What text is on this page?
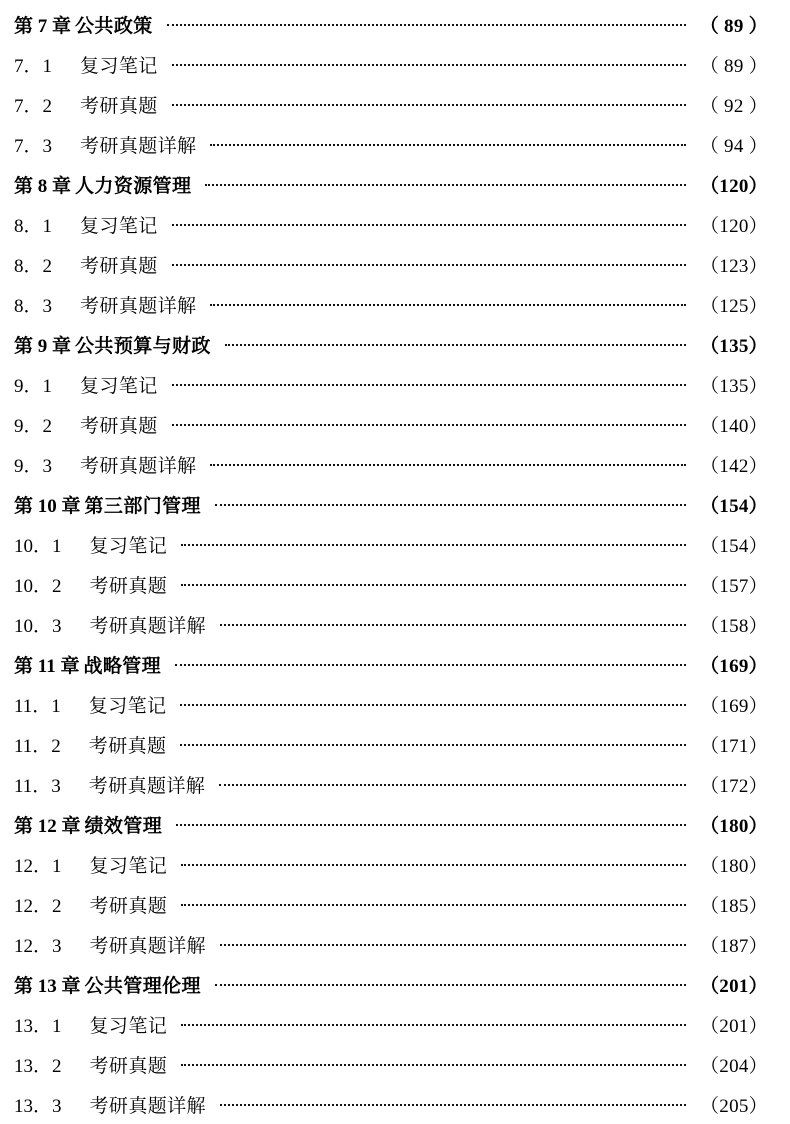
第 7 章 公共政策	（ 89 ）
7．1	复习笔记	（ 89 ）
7．2	考研真题	（ 92 ）
7．3	考研真题详解	（ 94 ）
第 8 章 人力资源管理	（120）
8．1	复习笔记	（120）
8．2	考研真题	（123）
8．3	考研真题详解	（125）
第 9 章 公共预算与财政	（135）
9．1	复习笔记	（135）
9．2	考研真题	（140）
9．3	考研真题详解	（142）
第 10 章 第三部门管理	（154）
10．1	复习笔记	（154）
10．2	考研真题	（157）
10．3	考研真题详解	（158）
第 11 章 战略管理	（169）
11．1	复习笔记	（169）
11．2	考研真题	（171）
11．3	考研真题详解	（172）
第 12 章 绩效管理	（180）
12．1	复习笔记	（180）
12．2	考研真题	（185）
12．3	考研真题详解	（187）
第 13 章 公共管理伦理	（201）
13．1	复习笔记	（201）
13．2	考研真题	（204）
13．3	考研真题详解	（205）
